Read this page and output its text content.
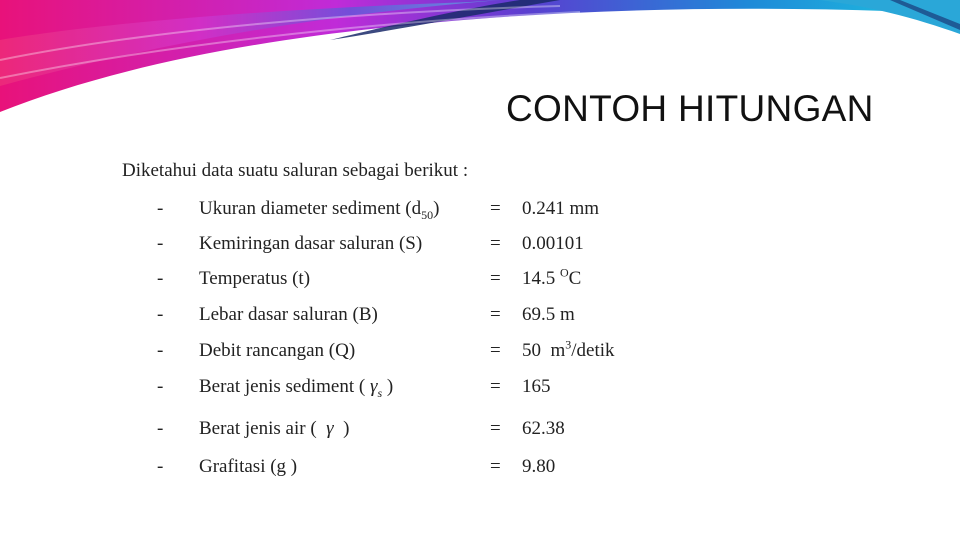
CONTOH HITUNGAN
Diketahui data suatu saluran sebagai berikut :
- Ukuran diameter sediment $(d_{50})$	= 0.241 mm
- Kemiringan dasar saluran (S)	= 0.00101
- Temperatus (t)	= 14.5 $^O$C
- Lebar dasar saluran (B)	= 69.5 m
- Debit rancangan (Q)	= 50  $m^3$/detik
- Berat jenis sediment ( $\gamma_s$ )	= 165
- Berat jenis air (  γ  )	= 62.38
- Grafitasi (g )	= 9.80
